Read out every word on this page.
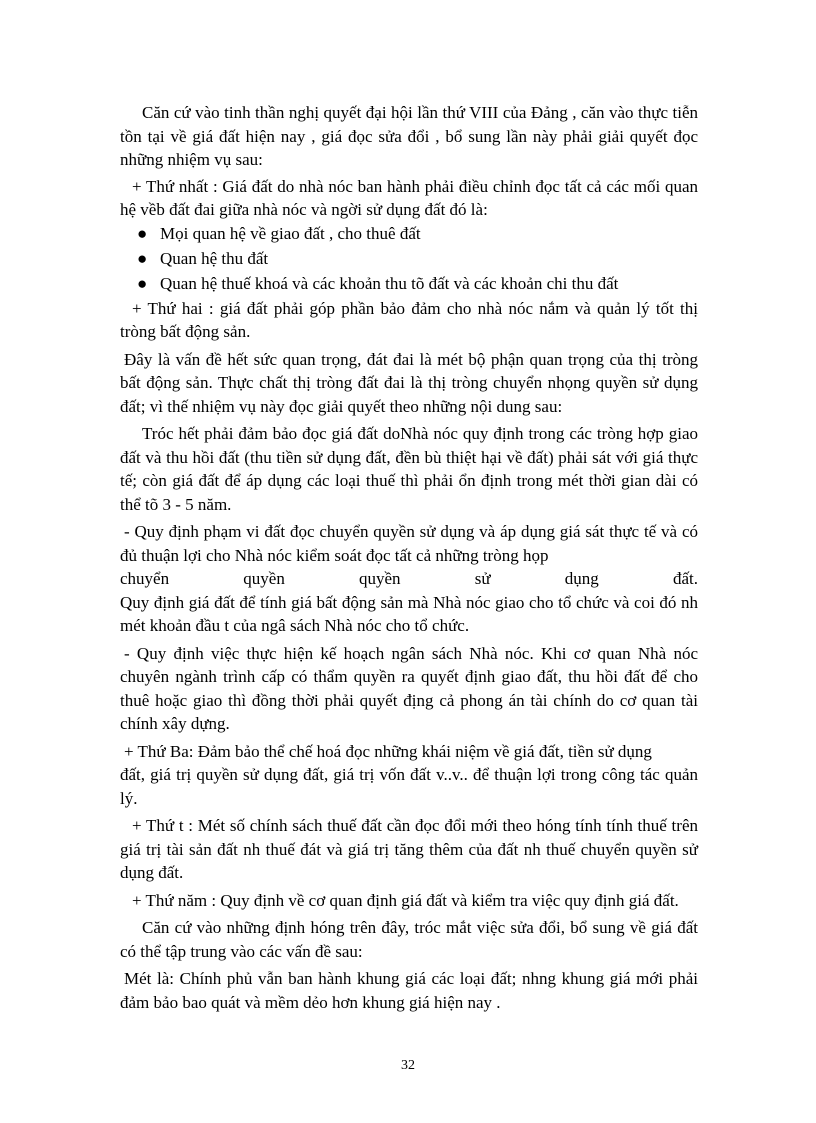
Căn cứ vào tinh thần nghị quyết đại hội lần thứ VIII của Đảng , căn vào thực tiễn tồn tại về giá đất hiện nay , giá đọc sửa đổi , bổ sung lần này phải giải quyết đọc những nhiệm vụ sau:

+ Thứ nhất : Giá đất do nhà nóc ban hành phải điều chỉnh đọc tất cả các mối quan hệ vềb đất đai giữa nhà nóc và ngời sử dụng đất đó là:

● Mọi quan hệ về giao đất , cho thuê đất
● Quan hệ thu đất
● Quan hệ thuế khoá và các khoản thu tõ đất và các khoản chi thu đất

+ Thứ hai : giá đất phải góp phần bảo đảm cho nhà nóc nắm và quản lý tốt thị tròng bất động sản.

Đây là vấn đề hết sức quan trọng, đát đai là mét bộ phận quan trọng của thị tròng bất động sản. Thực chất thị tròng đất đai là thị tròng chuyển nhọng quyền sử dụng đất; vì thế nhiệm vụ này đọc giải quyết theo những nội dung sau:

Tróc hết phải đảm bảo đọc giá đất doNhà nóc quy định trong các tròng hợp giao đất và thu hồi đất (thu tiền sử dụng đất, đền bù thiệt hại về đất) phải sát với giá thực tế; còn giá đất để áp dụng các loại thuế thì phải ổn định trong mét thời gian dài có thể tõ 3 - 5 năm.

- Quy định phạm vi đất đọc chuyển quyền sử dụng và áp dụng giá sát thực tế và có đủ thuận lợi cho Nhà nóc kiểm soát đọc tất cả những tròng họp

chuyển	quyền	quyền	sử	dụng	đất.

Quy định giá đất để tính giá bất động sản mà Nhà nóc giao cho tổ chức và coi đó nh mét khoản đầu t của ngâ sách Nhà nóc cho tổ chức.

- Quy định việc thực hiện kế hoạch ngân sách Nhà nóc. Khi cơ quan Nhà nóc chuyên ngành trình cấp có thẩm quyền ra quyết định giao đất, thu hồi đất để cho thuê hoặc giao thì đồng thời phải quyết địng cả phong án tài chính do cơ quan tài chính xây dựng.

+ Thứ Ba: Đảm bảo thể chế hoá đọc những khái niệm về giá đất, tiền sử dụng

đất, giá trị quyền sử dụng đất, giá trị vốn đất v..v.. để thuận lợi trong công tác quản lý.

+ Thứ t : Mét số chính sách thuế đất cần đọc đổi mới theo hóng tính tính thuế trên giá trị tài sản đất nh thuế đát và giá trị tăng thêm của đất nh thuế chuyển quyền sử dụng đất.

+ Thứ năm : Quy định về cơ quan định giá đất và kiểm tra việc quy định giá đất.

Căn cứ vào những định hóng trên đây, tróc mắt việc sửa đổi, bổ sung về giá đất có thể tập trung vào các vấn đề sau:

Mét là: Chính phủ vẫn ban hành khung giá các loại đất; nhng khung giá mới phải đảm bảo bao quát và mềm dẻo hơn khung giá hiện nay .

32
